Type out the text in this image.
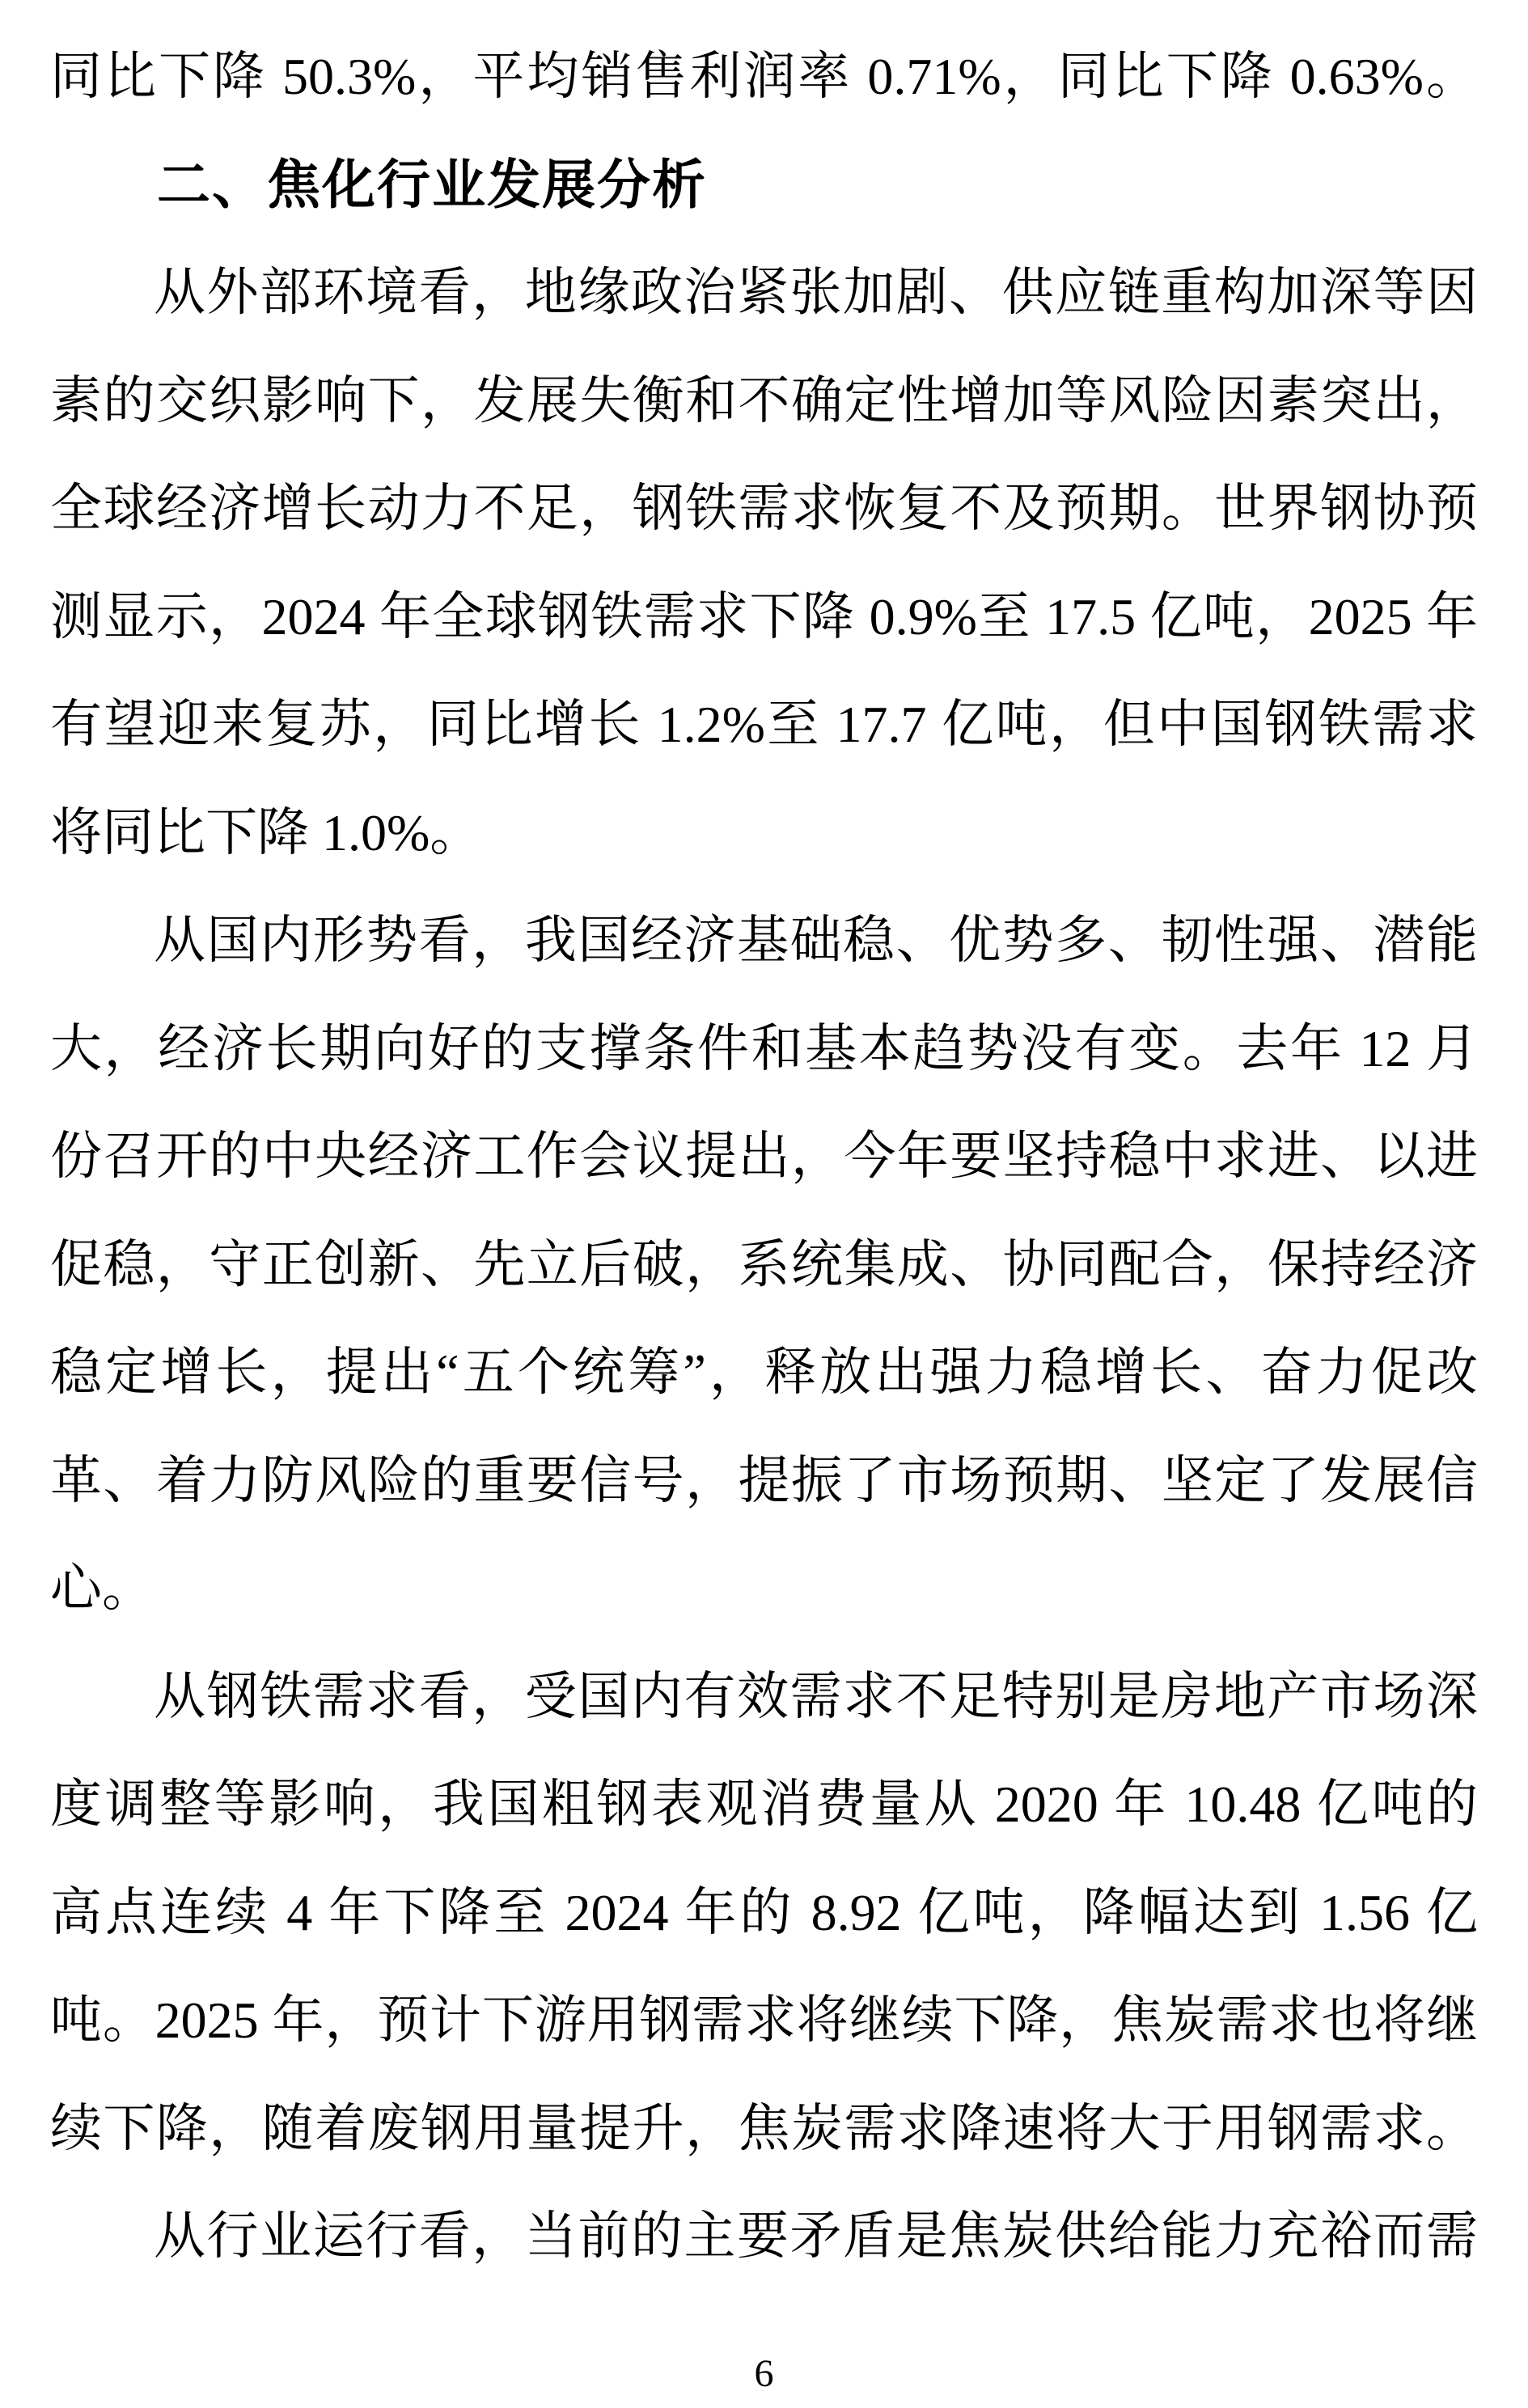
同比下降 50.3%，平均销售利润率 0.71%，同比下降 0.63%。
二、焦化行业发展分析
从外部环境看，地缘政治紧张加剧、供应链重构加深等因
素的交织影响下，发展失衡和不确定性增加等风险因素突出，
全球经济增长动力不足，钢铁需求恢复不及预期。世界钢协预
测显示，2024 年全球钢铁需求下降 0.9%至 17.5 亿吨，2025 年
有望迎来复苏，同比增长 1.2%至 17.7 亿吨，但中国钢铁需求
将同比下降 1.0%。
从国内形势看，我国经济基础稳、优势多、韧性强、潜能
大，经济长期向好的支撑条件和基本趋势没有变。去年 12 月
份召开的中央经济工作会议提出，今年要坚持稳中求进、以进
促稳，守正创新、先立后破，系统集成、协同配合，保持经济
稳定增长，提出“五个统筹”，释放出强力稳增长、奋力促改
革、着力防风险的重要信号，提振了市场预期、坚定了发展信
心。
从钢铁需求看，受国内有效需求不足特别是房地产市场深
度调整等影响，我国粗钢表观消费量从 2020 年 10.48 亿吨的
高点连续 4 年下降至 2024 年的 8.92 亿吨，降幅达到 1.56 亿
吨。2025 年，预计下游用钢需求将继续下降，焦炭需求也将继
续下降，随着废钢用量提升，焦炭需求降速将大于用钢需求。
从行业运行看，当前的主要矛盾是焦炭供给能力充裕而需
6
